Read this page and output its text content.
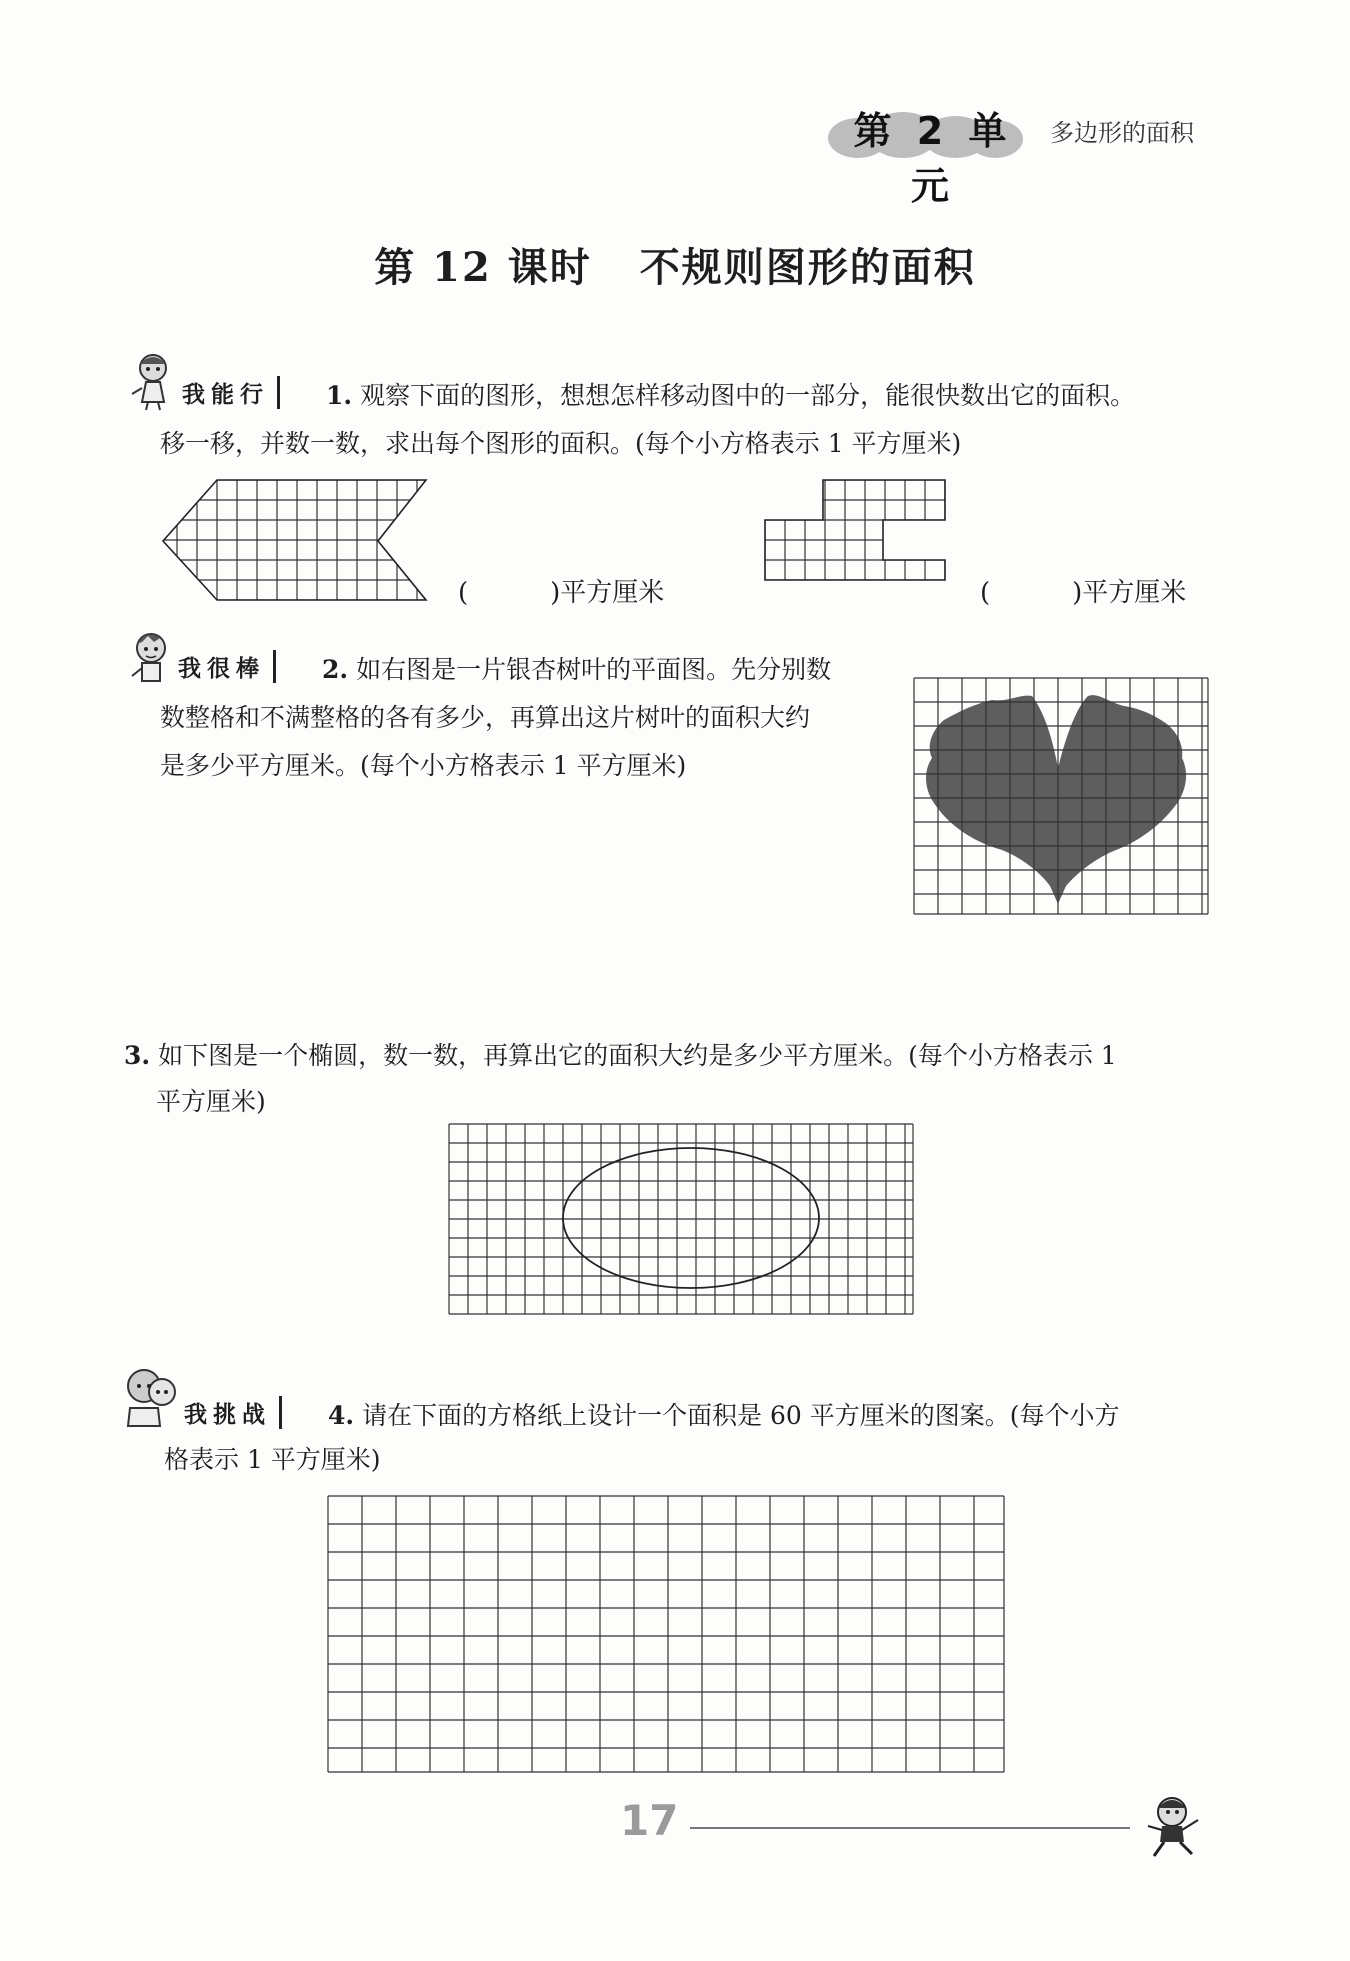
第 2 单元
多边形的面积
第 12 课时 不规则图形的面积
我能行	1. 观察下面的图形，想想怎样移动图中的一部分，能很快数出它的面积。
移一移，并数一数，求出每个图形的面积。(每个小方格表示 1 平方厘米)
(	)平方厘米	(	)平方厘米
我很棒	2. 如右图是一片银杏树叶的平面图。先分别数
数整格和不满整格的各有多少，再算出这片树叶的面积大约
是多少平方厘米。(每个小方格表示 1 平方厘米)
3. 如下图是一个椭圆，数一数，再算出它的面积大约是多少平方厘米。(每个小方格表示 1
平方厘米)
我挑战	4. 请在下面的方格纸上设计一个面积是 60 平方厘米的图案。(每个小方
格表示 1 平方厘米)
17
